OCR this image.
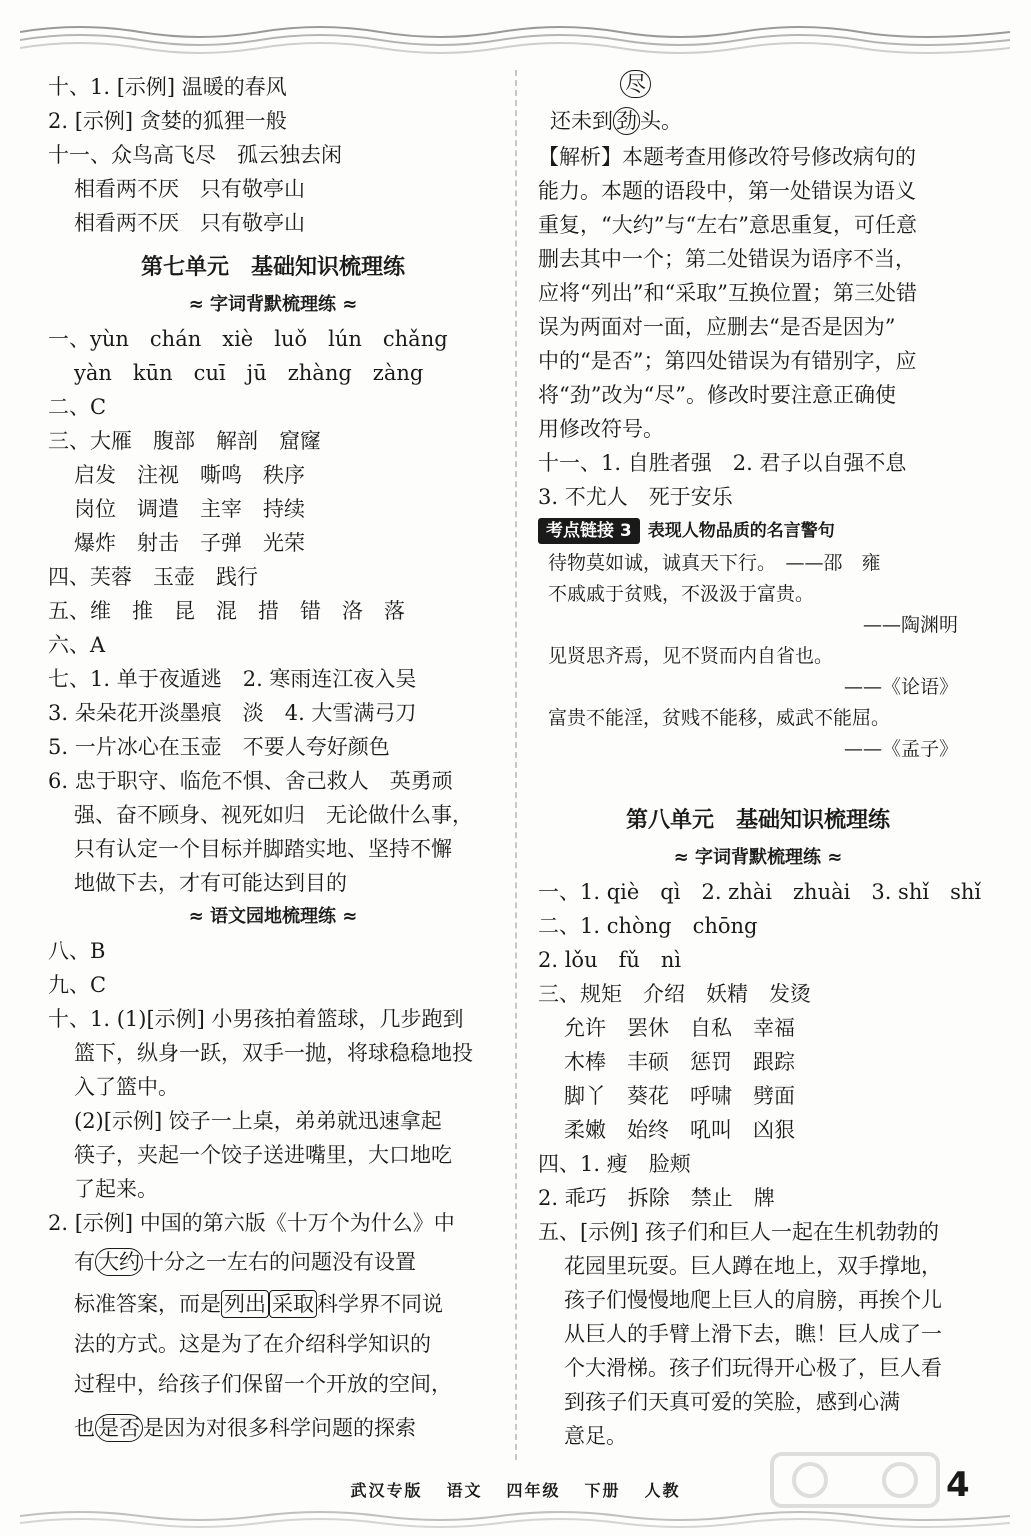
十、1. [示例] 温暖的春风
2. [示例] 贪婪的狐狸一般
十一、众鸟高飞尽　孤云独去闲
相看两不厌　只有敬亭山
相看两不厌　只有敬亭山
第七单元　基础知识梳理练
≈ 字词背默梳理练 ≈
一、yùn　chán　xiè　luǒ　lún　chǎng
yàn　kūn　cuī　jū　zhàng　zàng
二、C
三、大雁　腹部　解剖　窟窿
启发　注视　嘶鸣　秩序
岗位　调遣　主宰　持续
爆炸　射击　子弹　光荣
四、芙蓉　玉壶　践行
五、维　推　昆　混　措　错　洛　落
六、A
七、1. 单于夜遁逃　2. 寒雨连江夜入吴
3. 朵朵花开淡墨痕　淡　4. 大雪满弓刀
5. 一片冰心在玉壶　不要人夸好颜色
6. 忠于职守、临危不惧、舍己救人　英勇顽
强、奋不顾身、视死如归　无论做什么事，
只有认定一个目标并脚踏实地、坚持不懈
地做下去，才有可能达到目的
≈ 语文园地梳理练 ≈
八、B
九、C
十、1. (1)[示例] 小男孩拍着篮球，几步跑到
篮下，纵身一跃，双手一抛，将球稳稳地投
入了篮中。
(2)[示例] 饺子一上桌，弟弟就迅速拿起
筷子，夹起一个饺子送进嘴里，大口地吃
了起来。
2. [示例] 中国的第六版《十万个为什么》中
有 大约 十分之一左右的问题没有设置
标准答案，而是 列出 采取 科学界不同说
法的方式。这是为了在介绍科学知识的
过程中，给孩子们保留一个开放的空间，
也 是否 是因为对很多科学问题的探索
尽
还未到 劲 头。
【解析】本题考查用修改符号修改病句的
能力。本题的语段中，第一处错误为语义
重复，“大约”与“左右”意思重复，可任意
删去其中一个；第二处错误为语序不当，
应将“列出”和“采取”互换位置；第三处错
误为两面对一面，应删去“是否是因为”
中的“是否”；第四处错误为有错别字，应
将“劲”改为“尽”。修改时要注意正确使
用修改符号。
十一、1. 自胜者强　2. 君子以自强不息
3. 不尤人　死于安乐
考点链接 3 表现人物品质的名言警句
待物莫如诚，诚真天下行。　——邵　雍
不戚戚于贫贱，不汲汲于富贵。
——陶渊明
见贤思齐焉，见不贤而内自省也。
——《论语》
富贵不能淫，贫贱不能移，威武不能屈。
——《孟子》
第八单元　基础知识梳理练
≈ 字词背默梳理练 ≈
一、1. qiè　qì　2. zhài　zhuài　3. shǐ　shǐ
二、1. chòng　chōng
2. lǒu　fǔ　nì
三、规矩　介绍　妖精　发烫
允许　罢休　自私　幸福
木棒　丰硕　惩罚　跟踪
脚丫　葵花　呼啸　劈面
柔嫩　始终　吼叫　凶狠
四、1. 瘦　脸颊
2. 乖巧　拆除　禁止　牌
五、[示例] 孩子们和巨人一起在生机勃勃的
花园里玩耍。巨人蹲在地上，双手撑地，
孩子们慢慢地爬上巨人的肩膀，再挨个儿
从巨人的手臂上滑下去，瞧！巨人成了一
个大滑梯。孩子们玩得开心极了，巨人看
到孩子们天真可爱的笑脸，感到心满
意足。
武汉专版 语文 四年级 下册 人教	4
